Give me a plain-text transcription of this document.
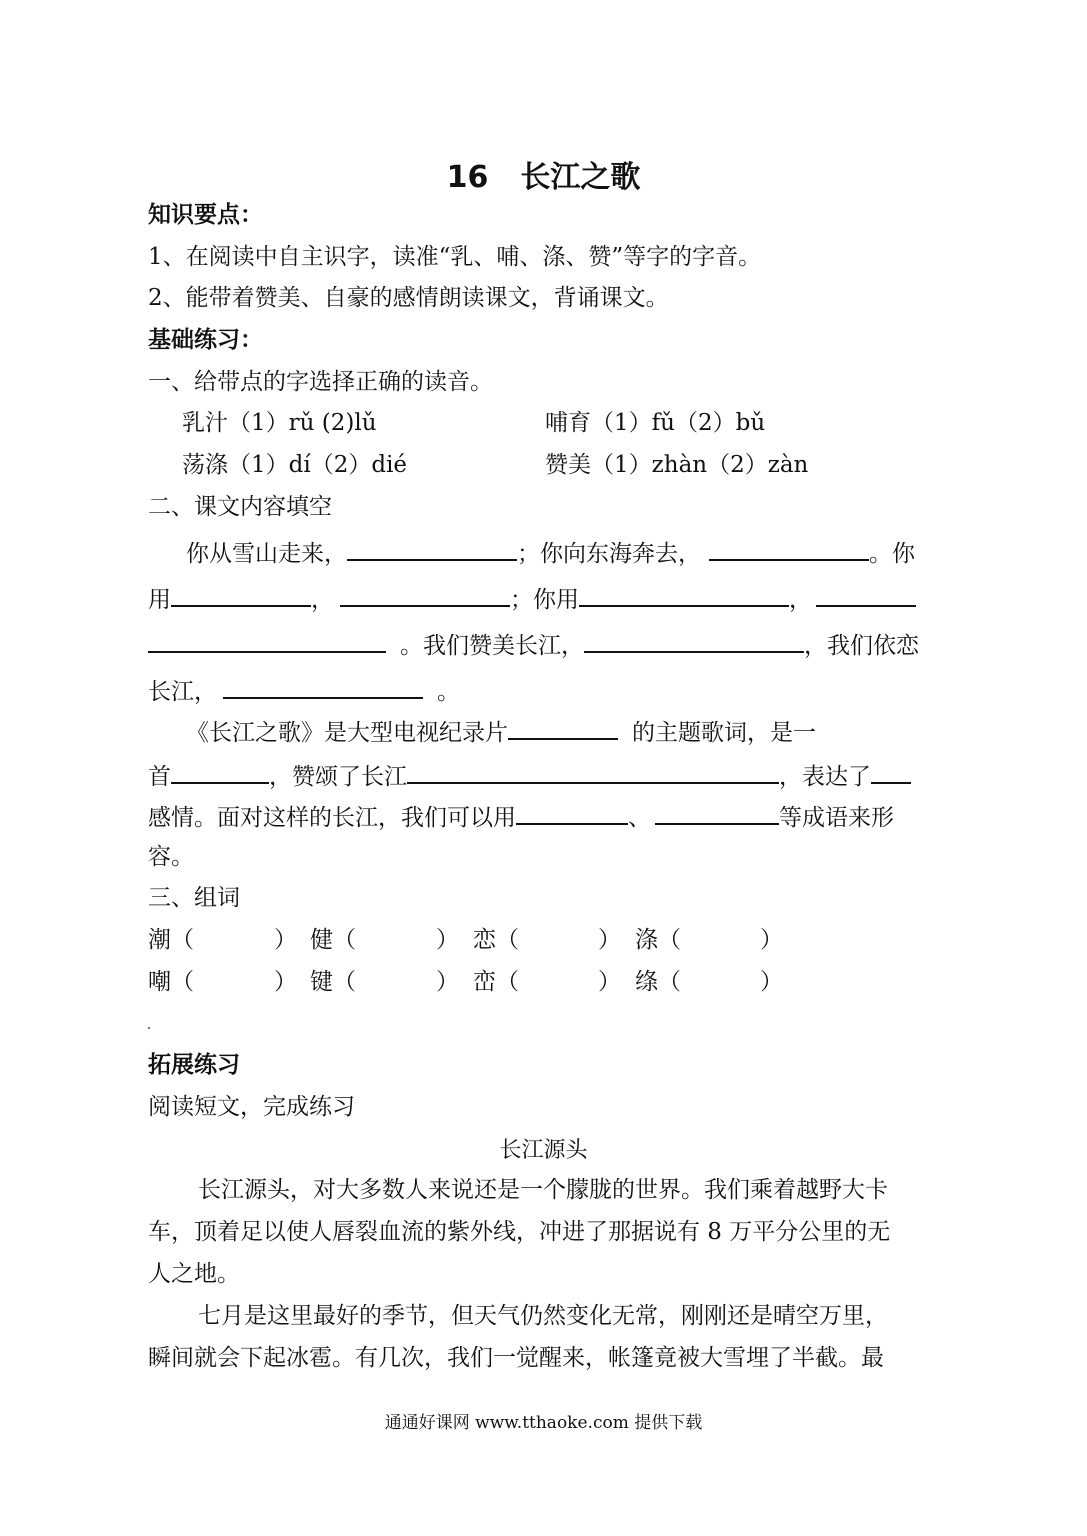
16 长江之歌
知识要点：
1、在阅读中自主识字，读准“乳、哺、涤、赞”等字的字音。
2、能带着赞美、自豪的感情朗读课文，背诵课文。
基础练习：
一、给带点的字选择正确的读音。
乳汁（1）rǔ (2)lǔ	哺育（1）fǔ（2）bǔ
荡涤（1）dí（2）dié	赞美（1）zhàn（2）zàn
二、课文内容填空
你从雪山走来，	；你向东海奔去，	。你
用	，	；你用	，
。我们赞美长江，	，我们依恋
长江，	。
《长江之歌》是大型电视纪录片	的主题歌词，是一
首	，赞颂了长江	，表达了
感情。面对这样的长江，我们可以用	、	等成语来形
容。
三、组词
潮（	） 健（	） 恋（	） 涤（	）
嘲（	） 键（	） 峦（	） 绦（	）
拓展练习
阅读短文，完成练习
长江源头
长江源头，对大多数人来说还是一个朦胧的世界。我们乘着越野大卡
车，顶着足以使人唇裂血流的紫外线，冲进了那据说有 8 万平分公里的无
人之地。
七月是这里最好的季节，但天气仍然变化无常，刚刚还是晴空万里，
瞬间就会下起冰雹。有几次，我们一觉醒来，帐篷竟被大雪埋了半截。最
通通好课网 www.tthaoke.com 提供下载
